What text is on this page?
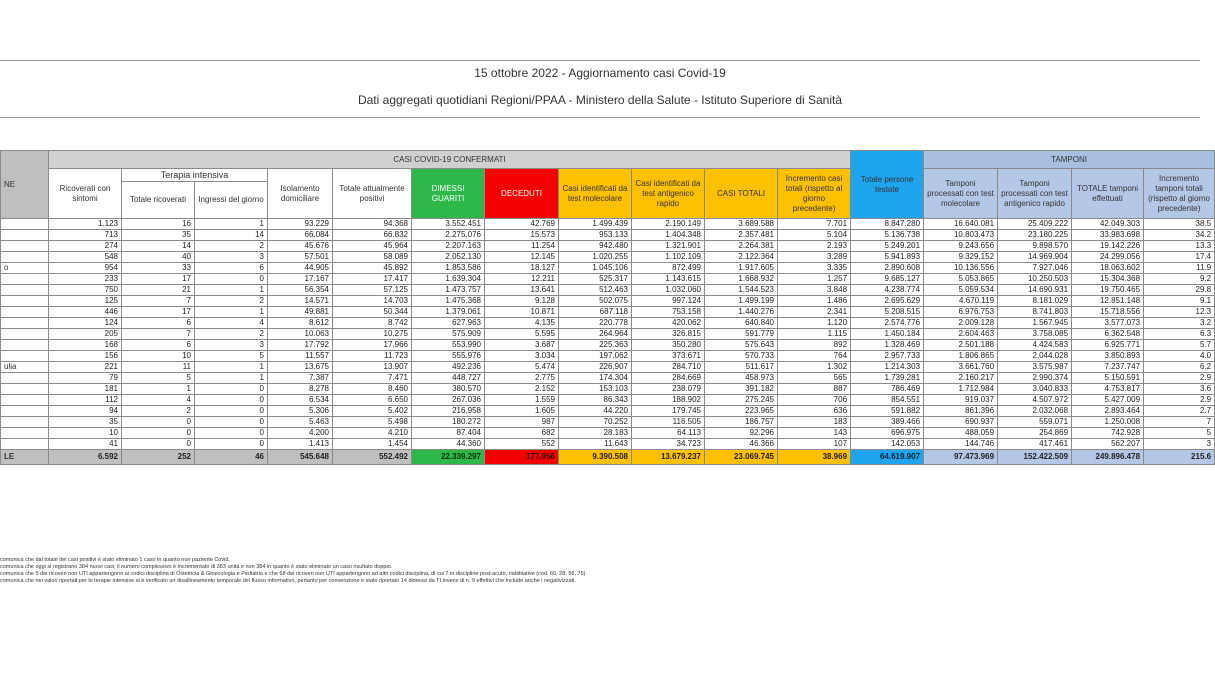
15 ottobre 2022 - Aggiornamento casi Covid-19
Dati aggregati quotidiani Regioni/PPAA - Ministero della Salute - Istituto Superiore di Sanità
NE	CASI COVID-19 CONFERMATI											Totale persone testate	TAMPONI			
	Ricoverati con sintomi	Terapia intensiva		Isolamento domiciliare	Totale attualmente positivi	DIMESSI GUARITI	DECEDUTI	Casi identificati da test molecolare	Casi identificati da test antigenico rapido	CASI TOTALI	Incremento casi totali (rispetto al giorno precedente)		Tamponi processati con test molecolare	Tamponi processati con test antigenico rapido	TOTALE tamponi effettuati	Incremento tamponi totali (rispetto al giorno precedente)
		Totale ricoverati	Ingressi del giorno													
	1.123	16	1	93.229	94.368	3.552.451	42.769	1.499.439	2.190.149	3.689.588	7.701	8.847.280	16.640.081	25.409.222	42.049.303	38.5
	713	35	14	66.084	66.832	2.275.076	15.573	953.133	1.404.348	2.357.481	5.104	5.136.738	10.803.473	23.180.225	33.983.698	34.2
	274	14	2	45.676	45.964	2.207.163	11.254	942.480	1.321.901	2.264.381	2.193	5.249.201	9.243.656	9.898.570	19.142.226	13.3
	548	40	3	57.501	58.089	2.052.130	12.145	1.020.255	1.102.109	2.122.364	3.289	5.941.893	9.329.152	14.969.904	24.299.056	17.4
o	954	33	6	44.905	45.892	1.853.586	18.127	1.045.106	872.499	1.917.605	3.335	2.890.608	10.136.556	7.927.046	18.063.602	11.9
	233	17	0	17.167	17.417	1.639.304	12.211	525.317	1.143.615	1.668.932	1.257	9.685.127	5.053.865	10.250.503	15.304.368	9.2
	750	21	1	56.354	57.125	1.473.757	13.641	512.463	1.032.060	1.544.523	3.848	4.238.774	5.059.534	14.690.931	19.750.465	29.8
	125	7	2	14.571	14.703	1.475.368	9.128	502.075	997.124	1.499.199	1.486	2.695.629	4.670.119	8.181.029	12.851.148	9.1
	446	17	1	49.881	50.344	1.379.061	10.871	687.118	753.158	1.440.276	2.341	5.208.515	6.976.753	8.741.803	15.718.556	12.3
	124	6	4	8.612	8.742	627.963	4.135	220.778	420.062	640.840	1.120	2.574.776	2.009.128	1.567.945	3.577.073	3.2
	205	7	2	10.063	10.275	575.909	5.595	264.964	326.815	591.779	1.115	1.450.184	2.604.463	3.758.085	6.362.548	6.3
	168	6	3	17.792	17.966	553.990	3.687	225.363	350.280	575.643	892	1.328.469	2.501.188	4.424.583	6.925.771	5.7
	156	10	5	11.557	11.723	555.976	3.034	197.062	373.671	570.733	764	2.957.733	1.806.865	2.044.028	3.850.893	4.0
ulia	221	11	1	13.675	13.907	492.236	5.474	226.907	284.710	511.617	1.302	1.214.303	3.661.760	3.575.987	7.237.747	6.2
	79	5	1	7.387	7.471	448.727	2.775	174.304	284.669	458.973	565	1.739.281	2.160.217	2.990.374	5.150.591	2.9
	181	1	0	8.278	8.460	380.570	2.152	153.103	238.079	391.182	887	786.469	1.712.984	3.040.833	4.753.817	3.6
	112	4	0	6.534	6.650	267.036	1.559	86.343	188.902	275.245	706	854.551	919.037	4.507.972	5.427.009	2.9
	94	2	0	5.306	5.402	216.958	1.605	44.220	179.745	223.965	636	591.882	861.396	2.032.068	2.893.464	2.7
	35	0	0	5.463	5.498	180.272	987	70.252	116.505	186.757	183	389.466	690.937	559.071	1.250.008	7
	10	0	0	4.200	4.210	87.404	682	28.183	64.113	92.296	143	696.975	488.059	254.869	742.928	5
	41	0	0	1.413	1.454	44.360	552	11.643	34.723	46.366	107	142.053	144.746	417.461	562.207	3
LE	6.592	252	46	545.648	552.492	22.339.297	177.956	9.390.508	13.679.237	23.069.745	38.969	64.619.907	97.473.969	152.422.509	249.896.478	215.6
comunica che dal totale dei casi positivi è stato eliminato 1 caso in quanto non paziente Covid.
comunica che oggi si registrano 384 nuovi casi; il numero complessivo è incrementato di 383 unità e non 384 in quanto è stato eliminato un caso risultato doppio.
comunica che 5 dei ricoveri non UTI appartengono ai codici disciplina di Ostetricia & Ginecologia e Pediatria e che 68 dei ricoveri non UTI appartengono ad altri codici disciplina, di cui 7 in discipline post-acuto, riabilitative (cod. 60, 28, 56, 75).
comunica che nei valori riportati per le terapie intensive si è verificato un disallineamento temporale del flusso informativo, pertanto per convenzione è stato riportato 14 dimessi da TI invece di n. 9 effettivi che include anche i negativizzati.
